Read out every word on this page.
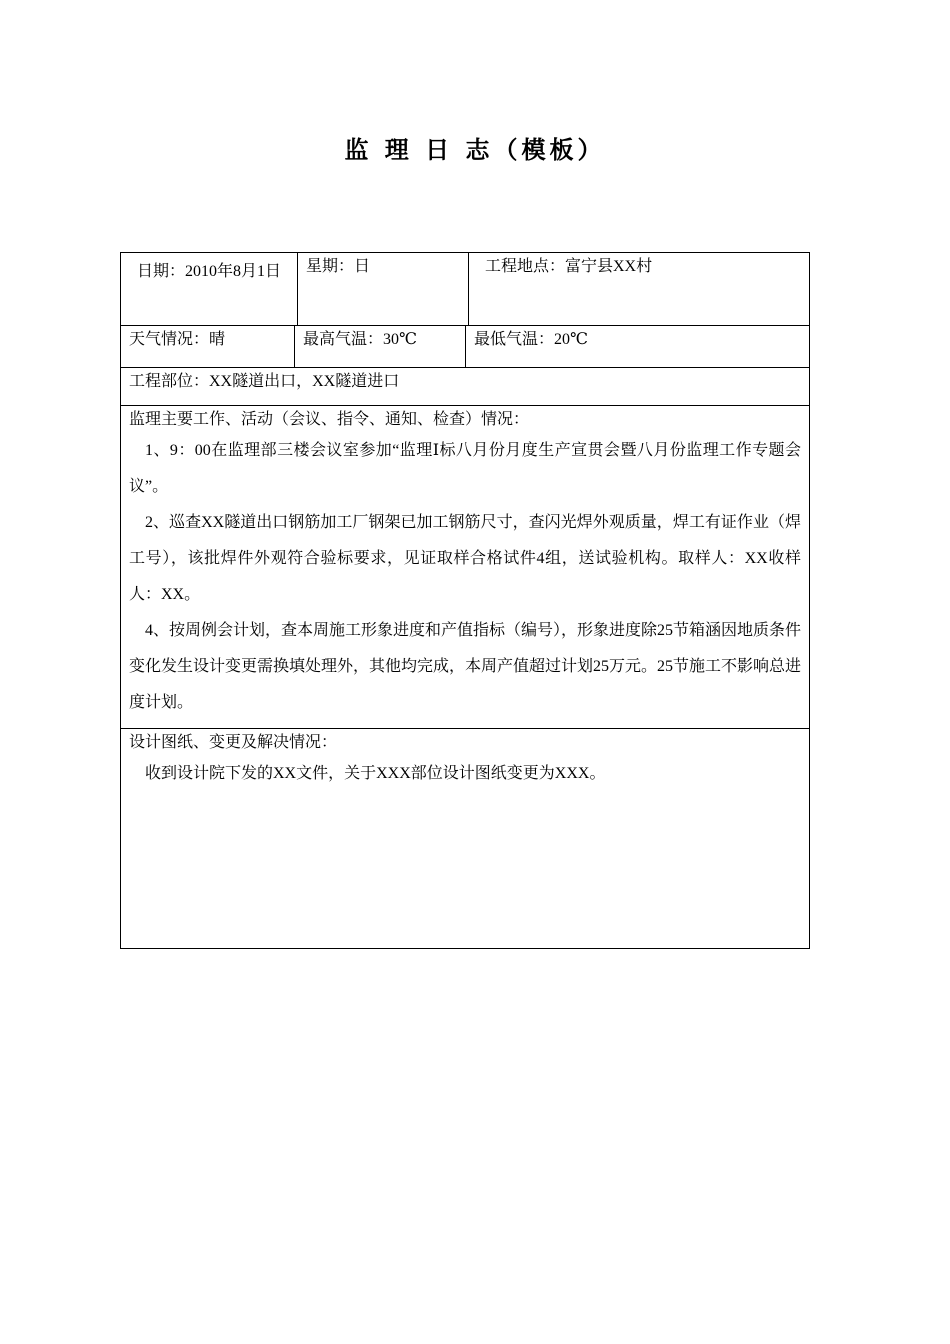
监 理 日 志（模板）
日期：2010年8月1日	星期：日	工程地点：富宁县XX村
天气情况：晴	最高气温：30℃	最低气温：20℃
工程部位：XX隧道出口，XX隧道进口

监理主要工作、活动（会议、指令、通知、检查）情况：

1、9：00在监理部三楼会议室参加“监理Ⅰ标八月份月度生产宣贯会暨八月份监理工作专题会议”。

2、巡查XX隧道出口钢筋加工厂钢架已加工钢筋尺寸，查闪光焊外观质量，焊工有证作业（焊工号），该批焊件外观符合验标要求，见证取样合格试件4组，送试验机构。取样人：XX收样人：XX。

4、按周例会计划，查本周施工形象进度和产值指标（编号），形象进度除25节箱涵因地质条件变化发生设计变更需换填处理外，其他均完成，本周产值超过计划25万元。25节施工不影响总进度计划。

设计图纸、变更及解决情况：

收到设计院下发的XX文件，关于XXX部位设计图纸变更为XXX。
